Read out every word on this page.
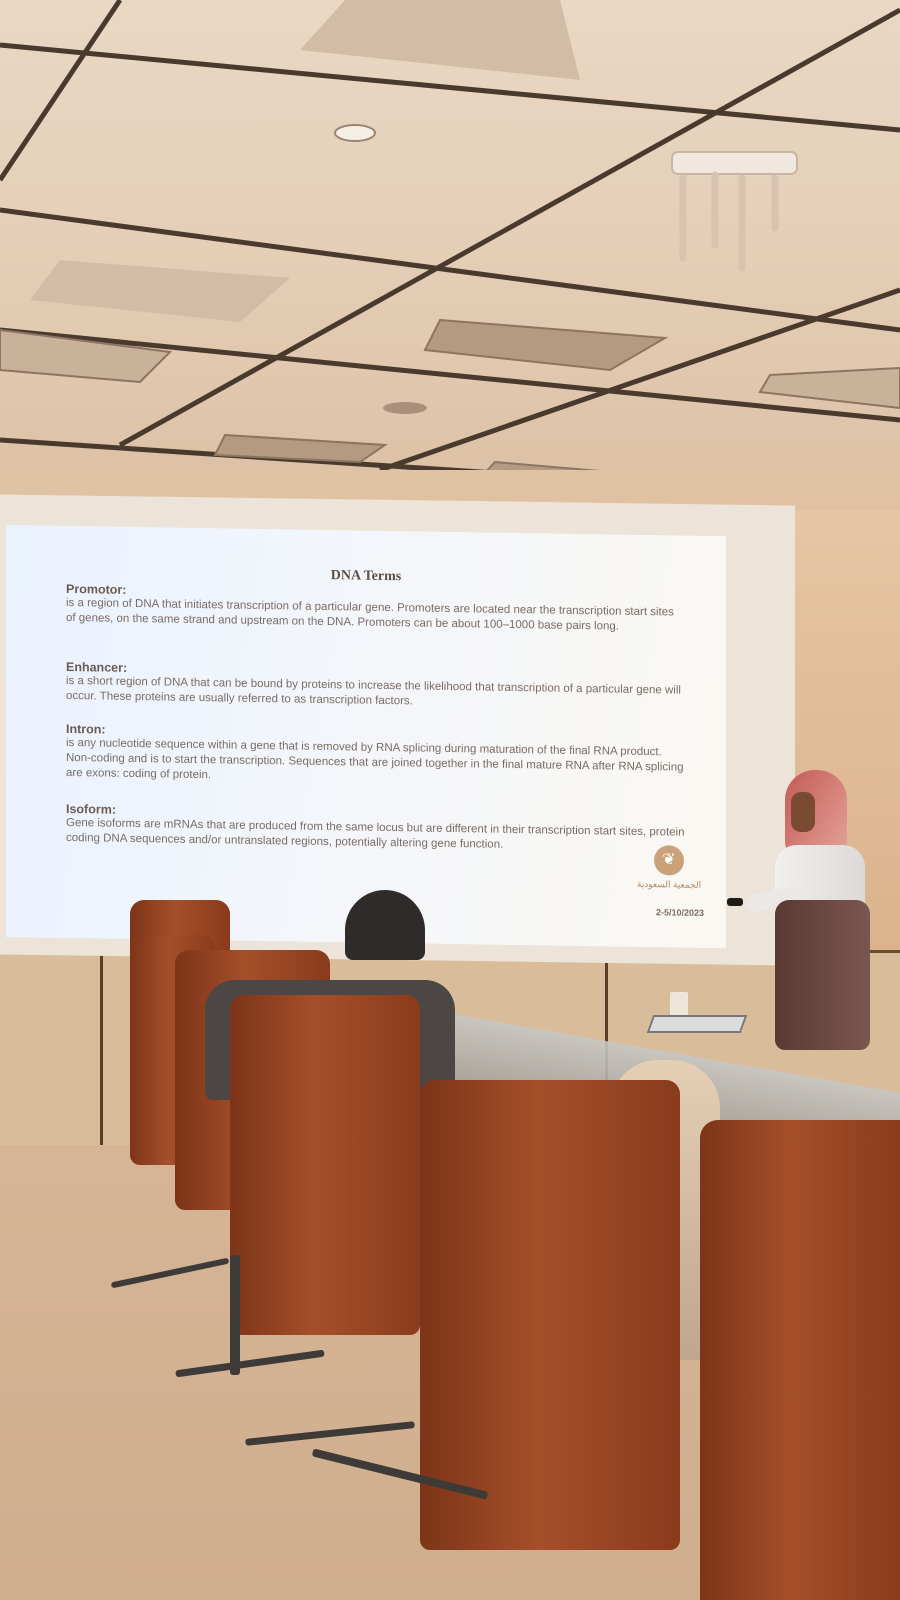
DNA Terms
Promotor:

is a region of DNA that initiates transcription of a particular gene. Promoters are located near the transcription start sites of genes, on the same strand and upstream on the DNA. Promoters can be about 100–1000 base pairs long.

Enhancer:

is a short region of DNA that can be bound by proteins to increase the likelihood that transcription of a particular gene will occur. These proteins are usually referred to as transcription factors.

Intron:

is any nucleotide sequence within a gene that is removed by RNA splicing during maturation of the final RNA product. Non-coding and is to start the transcription. Sequences that are joined together in the final mature RNA after RNA splicing are exons: coding of protein.

Isoform:

Gene isoforms are mRNAs that are produced from the same locus but are different in their transcription start sites, protein coding DNA sequences and/or untranslated regions, potentially altering gene function.

❦
الجمعية السعودية
2-5/10/2023
